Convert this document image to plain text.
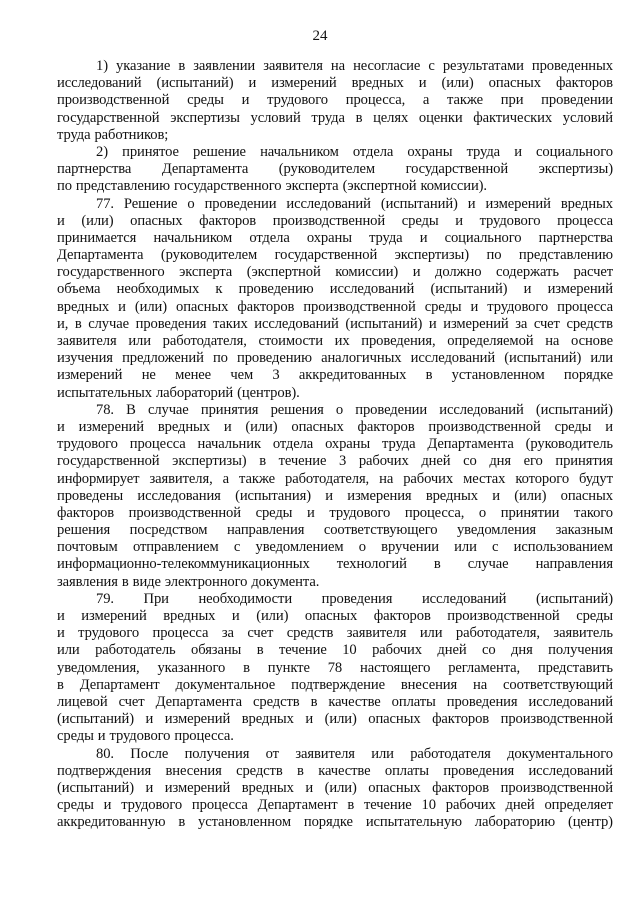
24
1) указание в заявлении заявителя на несогласие с результатами проведенных
исследований (испытаний) и измерений вредных и (или) опасных факторов
производственной среды и трудового процесса, а также при проведении
государственной экспертизы условий труда в целях оценки фактических условий
труда работников;
2) принятое решение начальником отдела охраны труда и социального
партнерства Департамента (руководителем государственной экспертизы)
по представлению государственного эксперта (экспертной комиссии).
77. Решение о проведении исследований (испытаний) и измерений вредных
и (или) опасных факторов производственной среды и трудового процесса
принимается начальником отдела охраны труда и социального партнерства
Департамента (руководителем государственной экспертизы) по представлению
государственного эксперта (экспертной комиссии) и должно содержать расчет
объема необходимых к проведению исследований (испытаний) и измерений
вредных и (или) опасных факторов производственной среды и трудового процесса
и, в случае проведения таких исследований (испытаний) и измерений за счет средств
заявителя или работодателя, стоимости их проведения, определяемой на основе
изучения предложений по проведению аналогичных исследований (испытаний) или
измерений не менее чем 3 аккредитованных в установленном порядке
испытательных лабораторий (центров).
78. В случае принятия решения о проведении исследований (испытаний)
и измерений вредных и (или) опасных факторов производственной среды и
трудового процесса начальник отдела охраны труда Департамента (руководитель
государственной экспертизы) в течение 3 рабочих дней со дня его принятия
информирует заявителя, а также работодателя, на рабочих местах которого будут
проведены исследования (испытания) и измерения вредных и (или) опасных
факторов производственной среды и трудового процесса, о принятии такого
решения посредством направления соответствующего уведомления заказным
почтовым отправлением с уведомлением о вручении или с использованием
информационно-телекоммуникационных технологий в случае направления
заявления в виде электронного документа.
79. При необходимости проведения исследований (испытаний)
и измерений вредных и (или) опасных факторов производственной среды
и трудового процесса за счет средств заявителя или работодателя, заявитель
или работодатель обязаны в течение 10 рабочих дней со дня получения
уведомления, указанного в пункте 78 настоящего регламента, представить
в Департамент документальное подтверждение внесения на соответствующий
лицевой счет Департамента средств в качестве оплаты проведения исследований
(испытаний) и измерений вредных и (или) опасных факторов производственной
среды и трудового процесса.
80. После получения от заявителя или работодателя документального
подтверждения внесения средств в качестве оплаты проведения исследований
(испытаний) и измерений вредных и (или) опасных факторов производственной
среды и трудового процесса Департамент в течение 10 рабочих дней определяет
аккредитованную в установленном порядке испытательную лабораторию (центр)
